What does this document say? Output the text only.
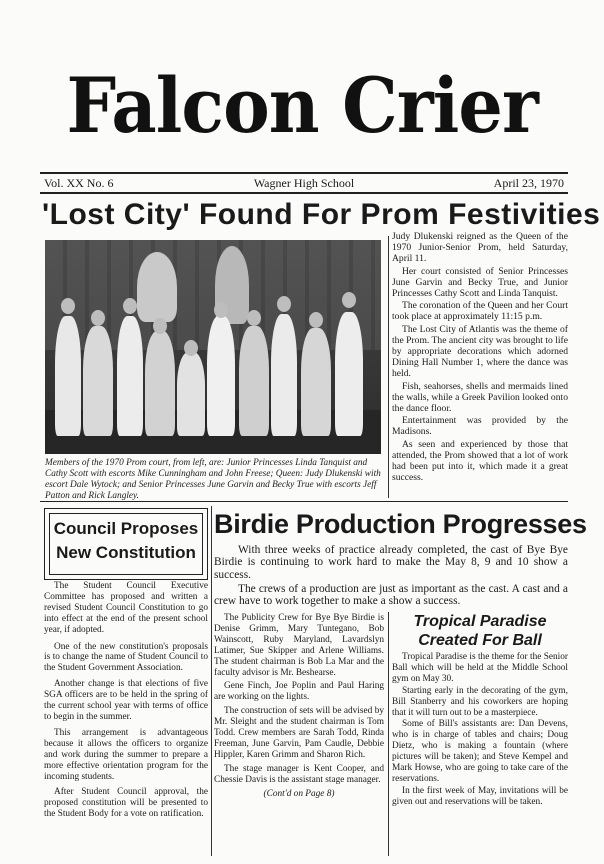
Falcon Crier
Vol. XX No. 6	Wagner High School	April 23, 1970
'Lost City' Found For Prom Festivities
Members of the 1970 Prom court, from left, are: Junior Princesses Linda Tanquist and Cathy Scott with escorts Mike Cunningham and John Freese; Queen: Judy Dlukenski with escort Dale Wytock; and Senior Princesses June Garvin and Becky True with escorts Jeff Patton and Rick Langley.

Judy Dlukenski reigned as the Queen of the 1970 Junior-Senior Prom, held Saturday, April 11.

Her court consisted of Senior Princesses June Garvin and Becky True, and Junior Princesses Cathy Scott and Linda Tanquist.

The coronation of the Queen and her Court took place at approximately 11:15 p.m.

The Lost City of Atlantis was the theme of the Prom. The ancient city was brought to life by appropriate decorations which adorned Dining Hall Number 1, where the dance was held.

Fish, seahorses, shells and mermaids lined the walls, while a Greek Pavilion looked onto the dance floor.

Entertainment was provided by the Madisons.

As seen and experienced by those that attended, the Prom showed that a lot of work had been put into it, which made it a great success.

Council Proposes
New Constitution

The Student Council Executive Committee has proposed and written a revised Student Council Constitution to go into effect at the end of the present school year, if adopted.

One of the new constitution's proposals is to change the name of Student Council to the Student Government Association.

Another change is that elections of five SGA officers are to be held in the spring of the current school year with terms of office to begin in the summer.

This arrangement is advantageous because it allows the officers to organize and work during the summer to prepare a more effective orientation program for the incoming students.

After Student Council approval, the proposed constitution will be presented to the Student Body for a vote on ratification.

Birdie Production Progresses

With three weeks of practice already completed, the cast of Bye Bye Birdie is continuing to work hard to make the May 8, 9 and 10 show a success.

The crews of a production are just as important as the cast. A cast and a crew have to work together to make a show a success.

The Publicity Crew for Bye Bye Birdie is Denise Grimm, Mary Tuntegano, Bob Wainscott, Ruby Maryland, Lavardslyn Latimer, Sue Skipper and Arlene Williams. The student chairman is Bob La Mar and the faculty advisor is Mr. Beshearse.

Gene Finch, Joe Poplin and Paul Haring are working on the lights.

The construction of sets will be advised by Mr. Sleight and the student chairman is Tom Todd. Crew members are Sarah Todd, Rinda Freeman, June Garvin, Pam Caudle, Debbie Hippler, Karen Grimm and Sharon Rich.

The stage manager is Kent Cooper, and Chessie Davis is the assistant stage manager.

(Cont'd on Page 8)

Tropical Paradise
Created For Ball

Tropical Paradise is the theme for the Senior Ball which will be held at the Middle School gym on May 30.

Starting early in the decorating of the gym, Bill Stanberry and his coworkers are hoping that it will turn out to be a masterpiece.

Some of Bill's assistants are: Dan Devens, who is in charge of tables and chairs; Doug Dietz, who is making a fountain (where pictures will be taken); and Steve Kempel and Mark Howse, who are going to take care of the reservations.

In the first week of May, invitations will be given out and reservations will be taken.
